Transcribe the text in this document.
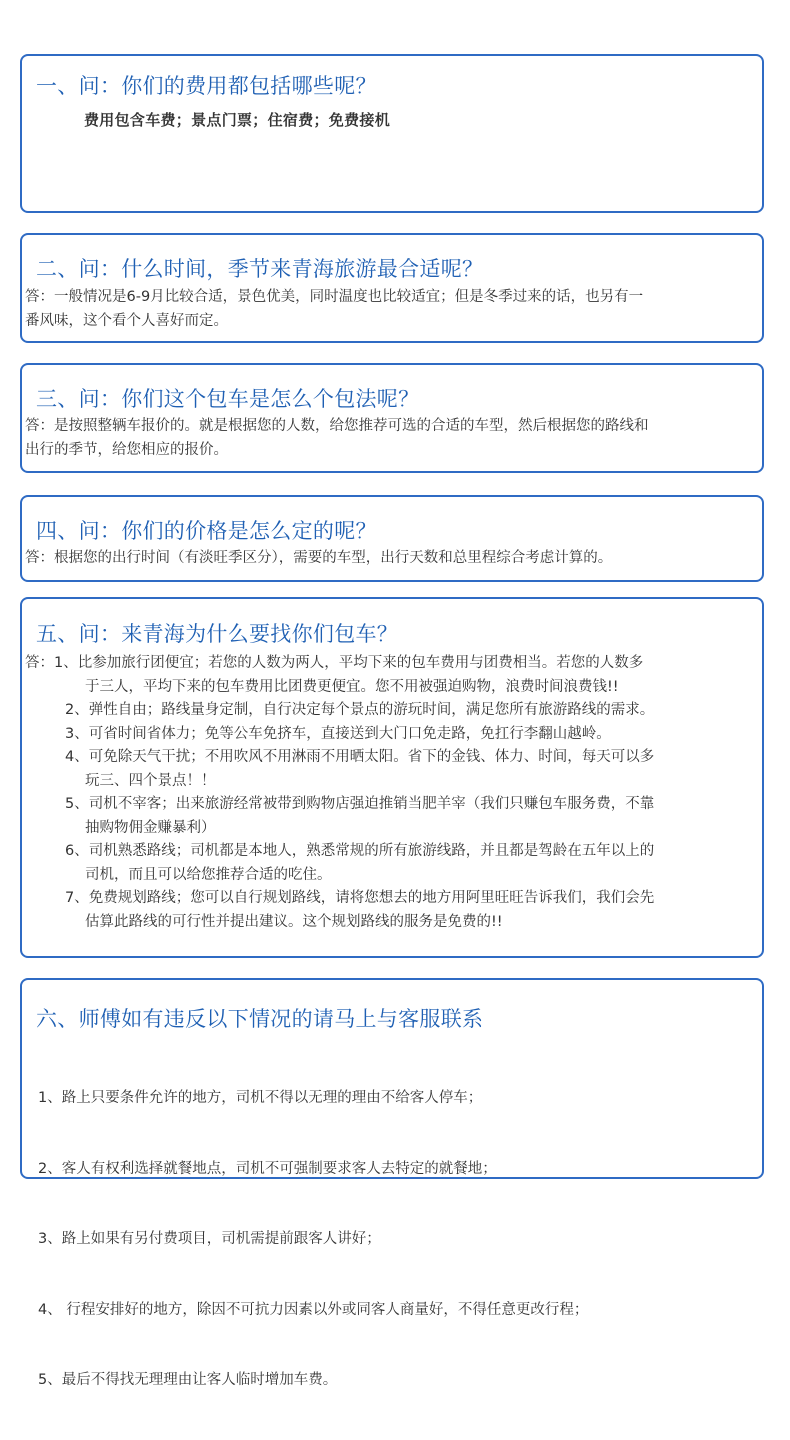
一、问：你们的费用都包括哪些呢？
费用包含车费；景点门票；住宿费；免费接机
二、问：什么时间，季节来青海旅游最合适呢？
答：一般情况是6-9月比较合适，景色优美，同时温度也比较适宜；但是冬季过来的话，也另有一
番风味，这个看个人喜好而定。
三、问：你们这个包车是怎么个包法呢？
答：是按照整辆车报价的。就是根据您的人数，给您推荐可选的合适的车型，然后根据您的路线和
出行的季节，给您相应的报价。
四、问：你们的价格是怎么定的呢？
答：根据您的出行时间（有淡旺季区分），需要的车型，出行天数和总里程综合考虑计算的。
五、问：来青海为什么要找你们包车？
答：1、比参加旅行团便宜；若您的人数为两人，平均下来的包车费用与团费相当。若您的人数多
于三人，平均下来的包车费用比团费更便宜。您不用被强迫购物，浪费时间浪费钱!!
2、弹性自由；路线量身定制，自行决定每个景点的游玩时间，满足您所有旅游路线的需求。
3、可省时间省体力；免等公车免挤车，直接送到大门口免走路，免扛行李翻山越岭。
4、可免除天气干扰；不用吹风不用淋雨不用晒太阳。省下的金钱、体力、时间，每天可以多
玩三、四个景点！！
5、司机不宰客；出来旅游经常被带到购物店强迫推销当肥羊宰（我们只赚包车服务费，不靠
抽购物佣金赚暴利）
6、司机熟悉路线；司机都是本地人，熟悉常规的所有旅游线路，并且都是驾龄在五年以上的
司机，而且可以给您推荐合适的吃住。
7、免费规划路线；您可以自行规划路线，请将您想去的地方用阿里旺旺告诉我们，我们会先
估算此路线的可行性并提出建议。这个规划路线的服务是免费的!!
六、师傅如有违反以下情况的请马上与客服联系

1、路上只要条件允许的地方，司机不得以无理的理由不给客人停车；

2、客人有权利选择就餐地点，司机不可强制要求客人去特定的就餐地；

3、路上如果有另付费项目，司机需提前跟客人讲好；

4、 行程安排好的地方，除因不可抗力因素以外或同客人商量好，不得任意更改行程；

5、最后不得找无理理由让客人临时增加车费。
